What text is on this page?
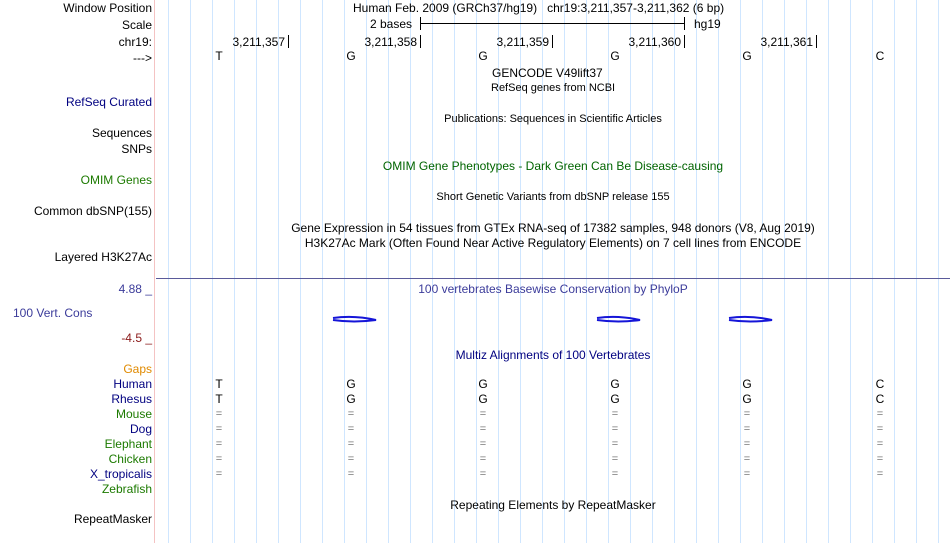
Window Position	Human Feb. 2009 (GRCh37/hg19)   chr19:3,211,357-3,211,362 (6 bp)
Scale	2 bases	hg19
chr19:	3,211,357	3,211,358	3,211,359	3,211,360	3,211,361
--->	T	G	G	G	G	C
GENCODE V49lift37
RefSeq genes from NCBI
RefSeq Curated
Publications: Sequences in Scientific Articles
Sequences
SNPs
OMIM Gene Phenotypes - Dark Green Can Be Disease-causing
OMIM Genes
Short Genetic Variants from dbSNP release 155
Common dbSNP(155)
Gene Expression in 54 tissues from GTEx RNA-seq of 17382 samples, 948 donors (V8, Aug 2019)
H3K27Ac Mark (Often Found Near Active Regulatory Elements) on 7 cell lines from ENCODE
Layered H3K27Ac
100 vertebrates Basewise Conservation by PhyloP
4.88 _
100 Vert. Cons
-4.5 _
Multiz Alignments of 100 Vertebrates
Gaps
Human	T	G	G	G	G	C
Rhesus	T	G	G	G	G	C
Mouse	=	=	=	=	=	=
Dog	=	=	=	=	=	=
Elephant	=	=	=	=	=	=
Chicken	=	=	=	=	=	=
X_tropicalis	=	=	=	=	=	=
Zebrafish
Repeating Elements by RepeatMasker
RepeatMasker
